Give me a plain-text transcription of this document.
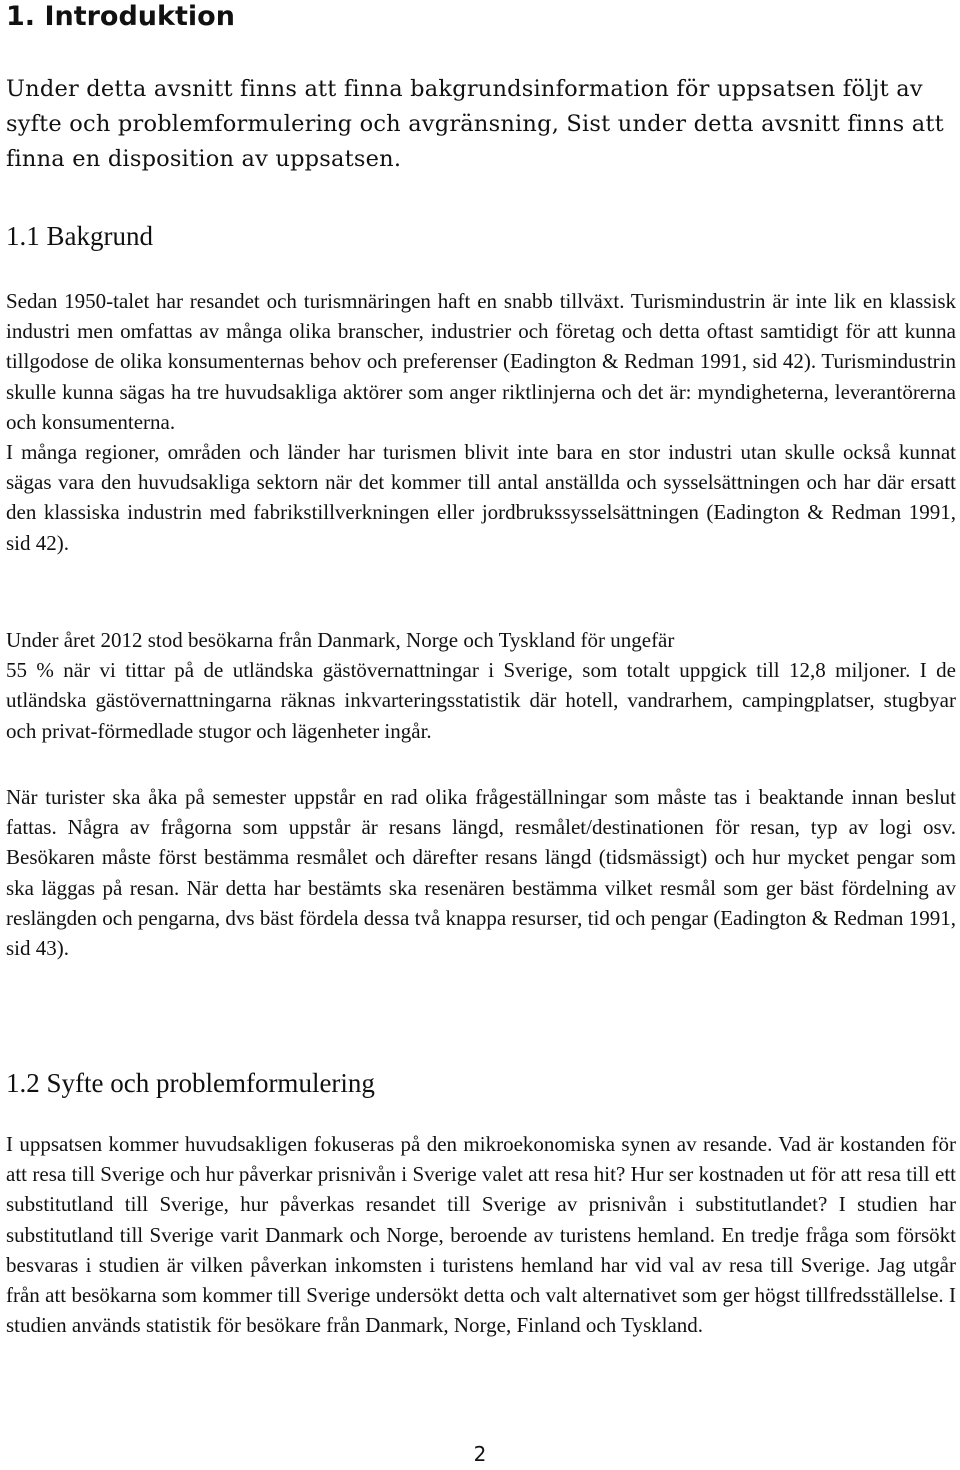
1. Introduktion

Under detta avsnitt finns att finna bakgrundsinformation för uppsatsen följt av syfte och problemformulering och avgränsning, Sist under detta avsnitt finns att finna en disposition av uppsatsen.

1.1 Bakgrund

Sedan 1950-talet har resandet och turismnäringen haft en snabb tillväxt. Turismindustrin är inte lik en klassisk industri men omfattas av många olika branscher, industrier och företag och detta oftast samtidigt för att kunna tillgodose de olika konsumenternas behov och preferenser (Eadington & Redman 1991, sid 42). Turismindustrin skulle kunna sägas ha tre huvudsakliga aktörer som anger riktlinjerna och det är: myndigheterna, leverantörerna och konsumenterna.
I många regioner, områden och länder har turismen blivit inte bara en stor industri utan skulle också kunnat sägas vara den huvudsakliga sektorn när det kommer till antal anställda och sysselsättningen och har där ersatt den klassiska industrin med fabrikstillverkningen eller jordbrukssysselsättningen (Eadington & Redman 1991, sid 42).

Under året 2012 stod besökarna från Danmark, Norge och Tyskland för ungefär

55 % när vi tittar på de utländska gästövernattningar i Sverige, som totalt uppgick till 12,8 miljoner. I de utländska gästövernattningarna räknas inkvarteringsstatistik där hotell, vandrarhem, campingplatser, stugbyar och privat-förmedlade stugor och lägenheter ingår.

När turister ska åka på semester uppstår en rad olika frågeställningar som måste tas i beaktande innan beslut fattas. Några av frågorna som uppstår är resans längd, resmålet/destinationen för resan, typ av logi osv. Besökaren måste först bestämma resmålet och därefter resans längd (tidsmässigt) och hur mycket pengar som ska läggas på resan. När detta har bestämts ska resenären bestämma vilket resmål som ger bäst fördelning av reslängden och pengarna, dvs bäst fördela dessa två knappa resurser, tid och pengar (Eadington & Redman 1991, sid 43).

1.2 Syfte och problemformulering

I uppsatsen kommer huvudsakligen fokuseras på den mikroekonomiska synen av resande. Vad är kostanden för att resa till Sverige och hur påverkar prisnivån i Sverige valet att resa hit? Hur ser kostnaden ut för att resa till ett substitutland till Sverige, hur påverkas resandet till Sverige av prisnivån i substitutlandet? I studien har substitutland till Sverige varit Danmark och Norge, beroende av turistens hemland. En tredje fråga som försökt besvaras i studien är vilken påverkan inkomsten i turistens hemland har vid val av resa till Sverige. Jag utgår från att besökarna som kommer till Sverige undersökt detta och valt alternativet som ger högst tillfredsställelse. I studien används statistik för besökare från Danmark, Norge, Finland och Tyskland.

2
